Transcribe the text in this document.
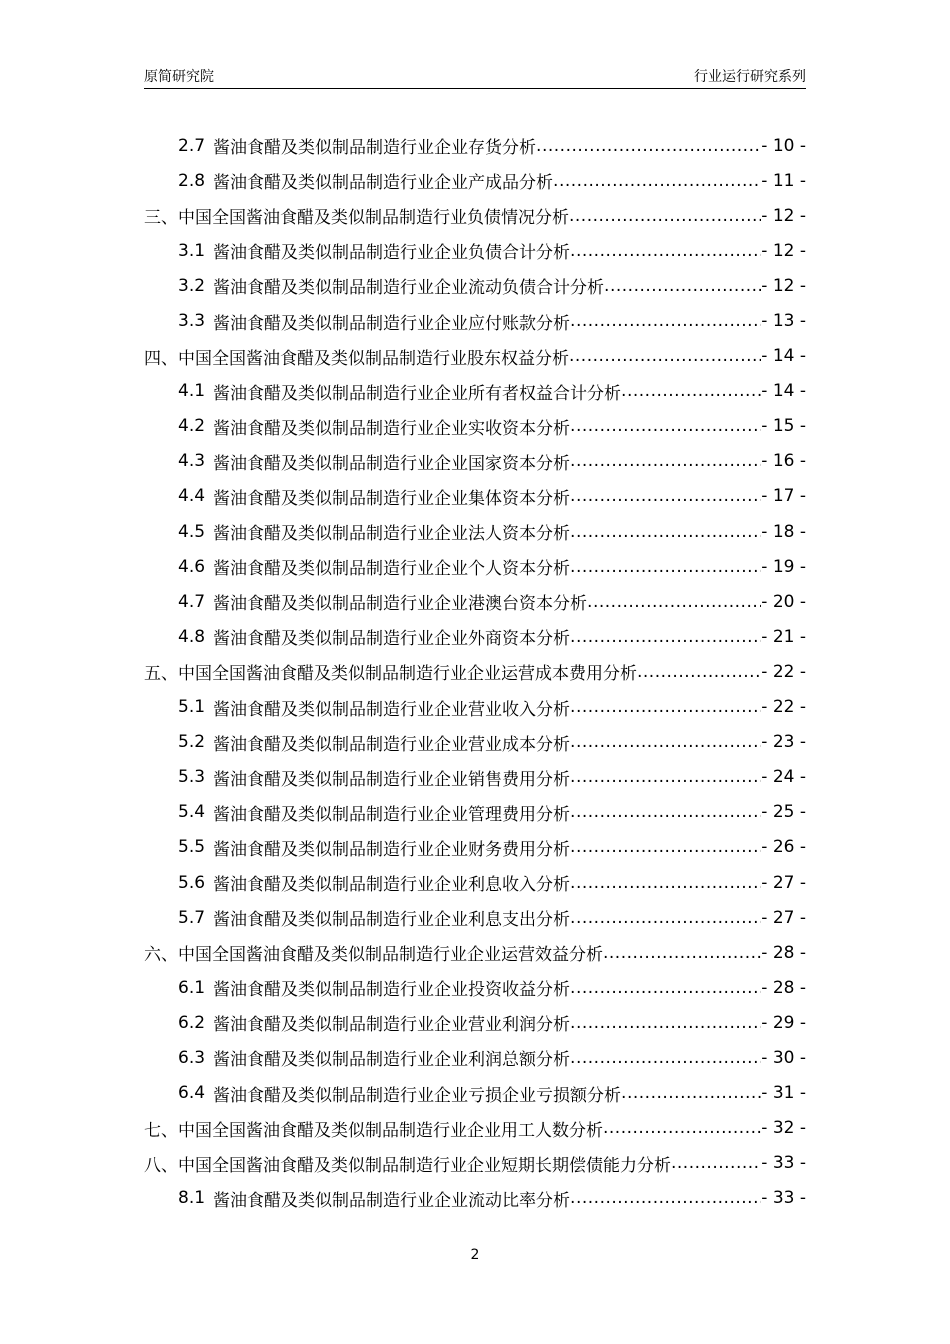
原简研究院	行业运行研究系列
2.7 酱油食醋及类似制品制造行业企业存货分析 .....	- 10 -
2.8 酱油食醋及类似制品制造行业企业产成品分析 .....	- 11 -
三、中国全国酱油食醋及类似制品制造行业负债情况分析 .....	- 12 -
3.1 酱油食醋及类似制品制造行业企业负债合计分析 .....	- 12 -
3.2 酱油食醋及类似制品制造行业企业流动负债合计分析 .....	- 12 -
3.3 酱油食醋及类似制品制造行业企业应付账款分析 .....	- 13 -
四、中国全国酱油食醋及类似制品制造行业股东权益分析 .....	- 14 -
4.1 酱油食醋及类似制品制造行业企业所有者权益合计分析 .....	- 14 -
4.2 酱油食醋及类似制品制造行业企业实收资本分析 .....	- 15 -
4.3 酱油食醋及类似制品制造行业企业国家资本分析 .....	- 16 -
4.4 酱油食醋及类似制品制造行业企业集体资本分析 .....	- 17 -
4.5 酱油食醋及类似制品制造行业企业法人资本分析 .....	- 18 -
4.6 酱油食醋及类似制品制造行业企业个人资本分析 .....	- 19 -
4.7 酱油食醋及类似制品制造行业企业港澳台资本分析 .....	- 20 -
4.8 酱油食醋及类似制品制造行业企业外商资本分析 .....	- 21 -
五、中国全国酱油食醋及类似制品制造行业企业运营成本费用分析 .....	- 22 -
5.1 酱油食醋及类似制品制造行业企业营业收入分析 .....	- 22 -
5.2 酱油食醋及类似制品制造行业企业营业成本分析 .....	- 23 -
5.3 酱油食醋及类似制品制造行业企业销售费用分析 .....	- 24 -
5.4 酱油食醋及类似制品制造行业企业管理费用分析 .....	- 25 -
5.5 酱油食醋及类似制品制造行业企业财务费用分析 .....	- 26 -
5.6 酱油食醋及类似制品制造行业企业利息收入分析 .....	- 27 -
5.7 酱油食醋及类似制品制造行业企业利息支出分析 .....	- 27 -
六、中国全国酱油食醋及类似制品制造行业企业运营效益分析 .....	- 28 -
6.1 酱油食醋及类似制品制造行业企业投资收益分析 .....	- 28 -
6.2 酱油食醋及类似制品制造行业企业营业利润分析 .....	- 29 -
6.3 酱油食醋及类似制品制造行业企业利润总额分析 .....	- 30 -
6.4 酱油食醋及类似制品制造行业企业亏损企业亏损额分析 .....	- 31 -
七、中国全国酱油食醋及类似制品制造行业企业用工人数分析 .....	- 32 -
八、中国全国酱油食醋及类似制品制造行业企业短期长期偿债能力分析 .....	- 33 -
8.1 酱油食醋及类似制品制造行业企业流动比率分析 .....	- 33 -
2
